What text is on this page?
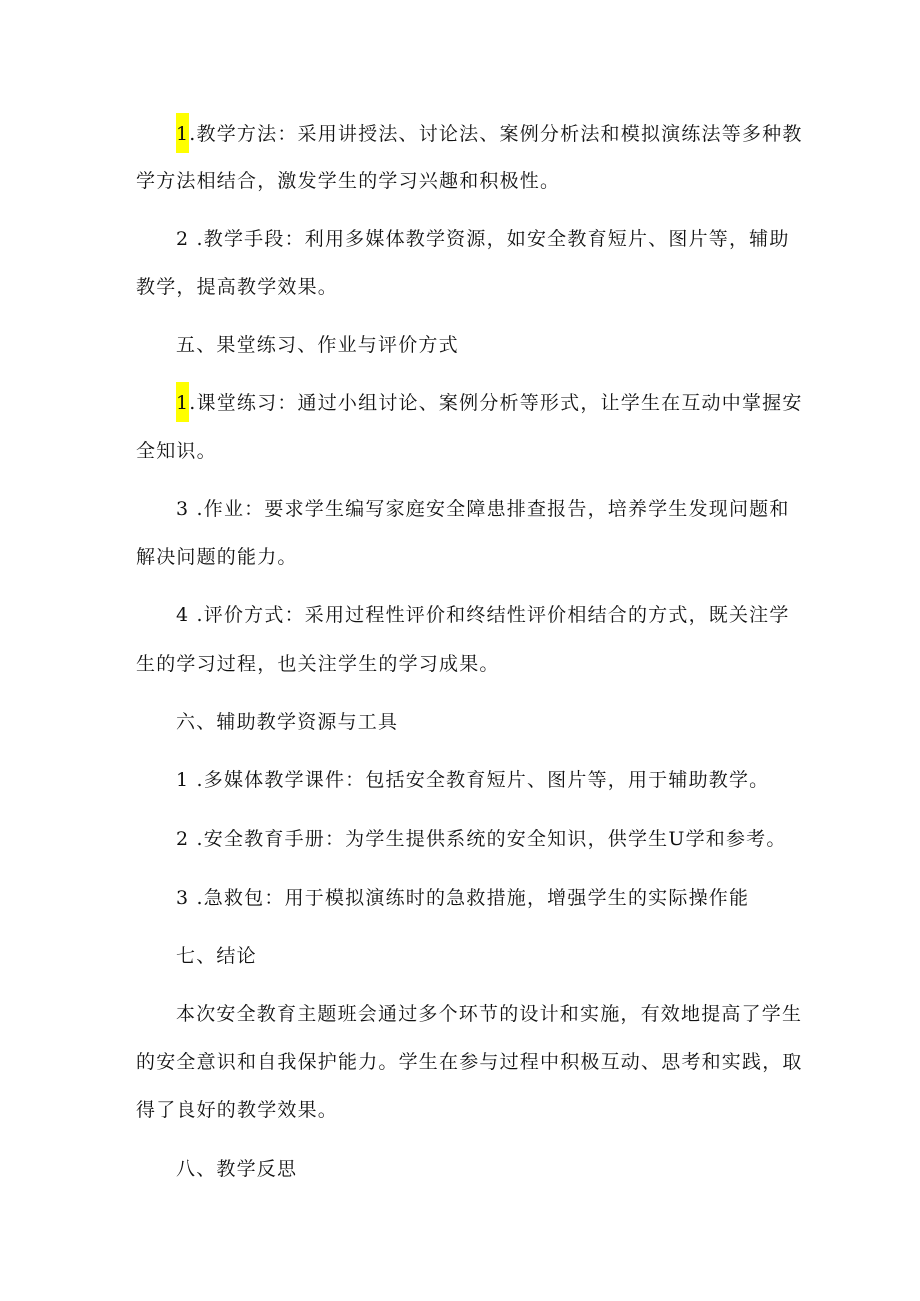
1.教学方法：采用讲授法、讨论法、案例分析法和模拟演练法等多种教
学方法相结合，激发学生的学习兴趣和积极性。
2 .教学手段：利用多媒体教学资源，如安全教育短片、图片等，辅助
教学，提高教学效果。
五、果堂练习、作业与评价方式
1.课堂练习：通过小组讨论、案例分析等形式，让学生在互动中掌握安
全知识。
3 .作业：要求学生编写家庭安全障患排查报告，培养学生发现问题和
解决问题的能力。
4 .评价方式：采用过程性评价和终结性评价相结合的方式，既关注学
生的学习过程，也关注学生的学习成果。
六、辅助教学资源与工具
1 .多媒体教学课件：包括安全教育短片、图片等，用于辅助教学。
2 .安全教育手册：为学生提供系统的安全知识，供学生U学和参考。
3 .急救包：用于模拟演练时的急救措施，增强学生的实际操作能
七、结论
本次安全教育主题班会通过多个环节的设计和实施，有效地提高了学生
的安全意识和自我保护能力。学生在参与过程中积极互动、思考和实践，取
得了良好的教学效果。
八、教学反思
